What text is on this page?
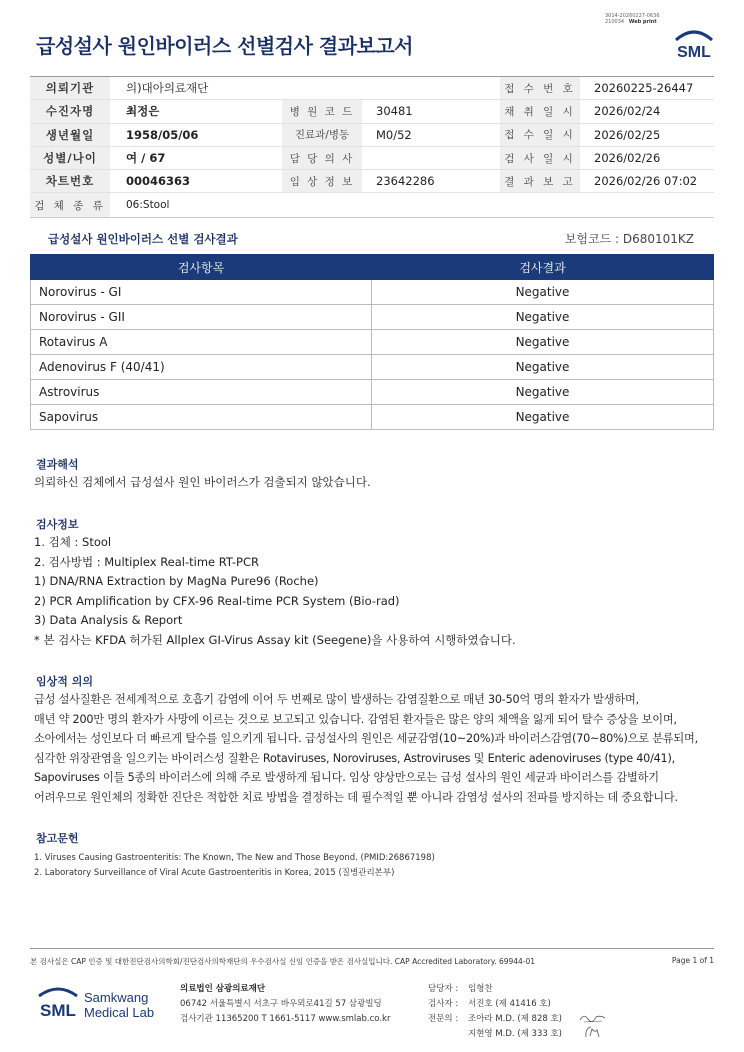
3014-20260227-0636
210034 Web print
급성설사 원인바이러스 선별검사 결과보고서	SML
의뢰기관	의)대아의료재단	접 수 번 호	20260225-26447
수진자명	최정은	병 원 코 드	30481	채 취 일 시	2026/02/24
생년월일	1958/05/06	진료과/병동	M0/52	접 수 일 시	2026/02/25
성별/나이	여 / 67	담 당 의 사	검 사 일 시	2026/02/26
차트번호	00046363	임 상 정 보	23642286	결 과 보 고	2026/02/26 07:02
검 체 종 류	06:Stool
급성설사 원인바이러스 선별 검사결과	보험코드 : D680101KZ
검사항목	검사결과
Norovirus - GI	Negative
Norovirus - GII	Negative
Rotavirus A	Negative
Adenovirus F (40/41)	Negative
Astrovirus	Negative
Sapovirus	Negative
결과해석
의뢰하신 검체에서 급성설사 원인 바이러스가 검출되지 않았습니다.
검사정보
1. 검체 : Stool
2. 검사방법 : Multiplex Real-time RT-PCR
1) DNA/RNA Extraction by MagNa Pure96 (Roche)
2) PCR Amplification by CFX-96 Real-time PCR System (Bio-rad)
3) Data Analysis & Report
* 본 검사는 KFDA 허가된 Allplex GI-Virus Assay kit (Seegene)을 사용하여 시행하였습니다.
임상적 의의
급성 설사질환은 전세계적으로 호흡기 감염에 이어 두 번째로 많이 발생하는 감염질환으로 매년 30-50억 명의 환자가 발생하며,
매년 약 200만 명의 환자가 사망에 이르는 것으로 보고되고 있습니다. 감염된 환자들은 많은 양의 체액을 잃게 되어 탈수 증상을 보이며,
소아에서는 성인보다 더 빠르게 탈수를 일으키게 됩니다. 급성설사의 원인은 세균감염(10~20%)과 바이러스감염(70~80%)으로 분류되며,
심각한 위장관염을 일으키는 바이러스성 질환은 Rotaviruses, Noroviruses, Astroviruses 및 Enteric adenoviruses (type 40/41),
Sapoviruses 이들 5종의 바이러스에 의해 주로 발생하게 됩니다. 임상 양상만으로는 급성 설사의 원인 세균과 바이러스를 감별하기
어려우므로 원인체의 정확한 진단은 적합한 치료 방법을 결정하는 데 필수적일 뿐 아니라 감염성 설사의 전파를 방지하는 데 중요합니다.
참고문헌
1. Viruses Causing Gastroenteritis: The Known, The New and Those Beyond. (PMID:26867198)
2. Laboratory Surveillance of Viral Acute Gastroenteritis in Korea, 2015 (질병관리본부)
본 검사실은 CAP 인증 및 대한진단검사의학회/진단검사의학재단의 우수검사실 신임 인증을 받은 검사실입니다. CAP Accredited Laboratory. 69944-01	Page 1 of 1
SML
Samkwang
Medical Lab
의료법인 삼광의료재단
06742 서울특별시 서초구 바우뫼로41길 57 삼광빌딩
검사기관 11365200 T 1661-5117 www.smlab.co.kr
담당자 :	임형찬
검사자 :	서진호 (제 41416 호)
전문의 :	조아라 M.D. (제 828 호)
	지현영 M.D. (제 333 호)
